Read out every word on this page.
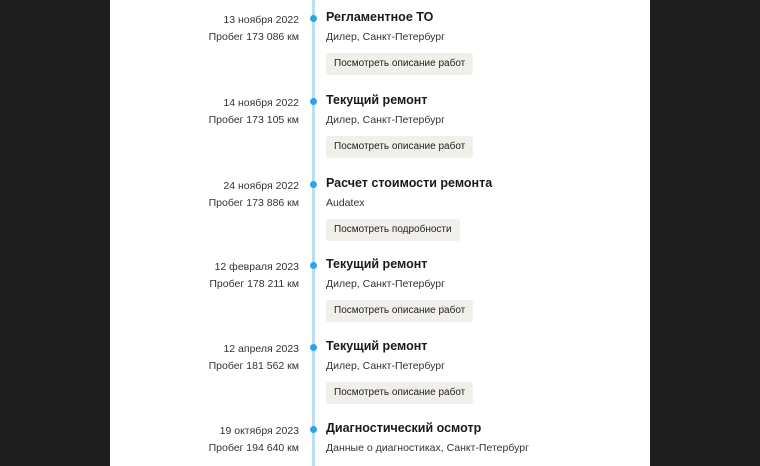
13 ноября 2022
Пробег 173 086 км
Регламентное ТО
Дилер, Санкт-Петербург
Посмотреть описание работ
14 ноября 2022
Пробег 173 105 км
Текущий ремонт
Дилер, Санкт-Петербург
Посмотреть описание работ
24 ноября 2022
Пробег 173 886 км
Расчет стоимости ремонта
Audatex
Посмотреть подробности
12 февраля 2023
Пробег 178 211 км
Текущий ремонт
Дилер, Санкт-Петербург
Посмотреть описание работ
12 апреля 2023
Пробег 181 562 км
Текущий ремонт
Дилер, Санкт-Петербург
Посмотреть описание работ
19 октября 2023
Пробег 194 640 км
Диагностический осмотр
Данные о диагностиках, Санкт-Петербург
